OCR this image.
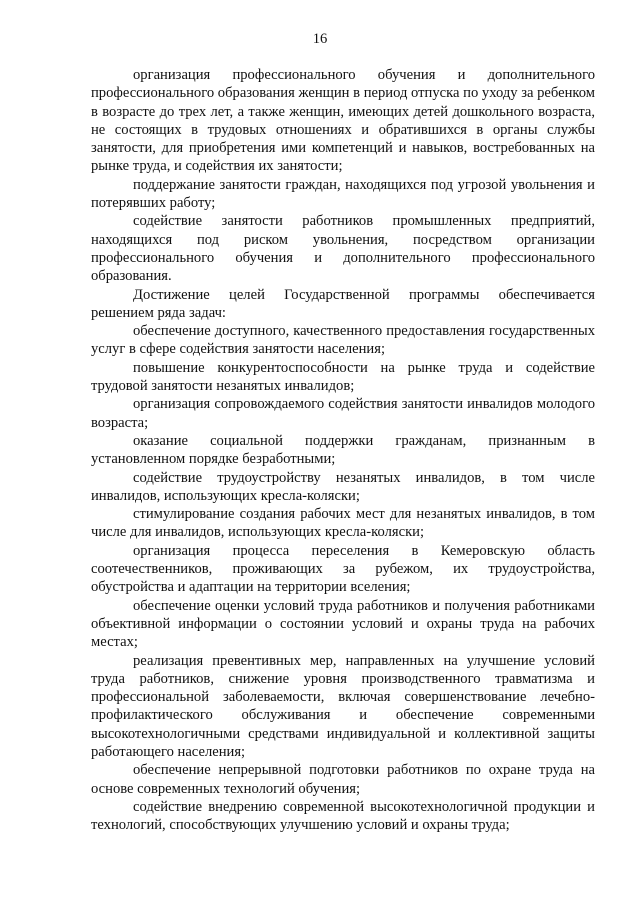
16

организация профессионального обучения и дополнительного профессионального образования женщин в период отпуска по уходу за ребенком в возрасте до трех лет, а также женщин, имеющих детей дошкольного возраста, не состоящих в трудовых отношениях и обратившихся в органы службы занятости, для приобретения ими компетенций и навыков, востребованных на рынке труда, и содействия их занятости;

поддержание занятости граждан, находящихся под угрозой увольнения и потерявших работу;

содействие занятости работников промышленных предприятий, находящихся под риском увольнения, посредством организации профессионального обучения и дополнительного профессионального образования.

Достижение целей Государственной программы обеспечивается решением ряда задач:

обеспечение доступного, качественного предоставления государственных услуг в сфере содействия занятости населения;

повышение конкурентоспособности на рынке труда и содействие трудовой занятости незанятых инвалидов;

организация сопровождаемого содействия занятости инвалидов молодого возраста;

оказание социальной поддержки гражданам, признанным в установленном порядке безработными;

содействие трудоустройству незанятых инвалидов, в том числе инвалидов, использующих кресла-коляски;

стимулирование создания рабочих мест для незанятых инвалидов, в том числе для инвалидов, использующих кресла-коляски;

организация процесса переселения в Кемеровскую область соотечественников, проживающих за рубежом, их трудоустройства, обустройства и адаптации на территории вселения;

обеспечение оценки условий труда работников и получения работниками объективной информации о состоянии условий и охраны труда на рабочих местах;

реализация превентивных мер, направленных на улучшение условий труда работников, снижение уровня производственного травматизма и профессиональной заболеваемости, включая совершенствование лечебно-профилактического обслуживания и обеспечение современными высокотехнологичными средствами индивидуальной и коллективной защиты работающего населения;

обеспечение непрерывной подготовки работников по охране труда на основе современных технологий обучения;

содействие внедрению современной высокотехнологичной продукции и технологий, способствующих улучшению условий и охраны труда;
